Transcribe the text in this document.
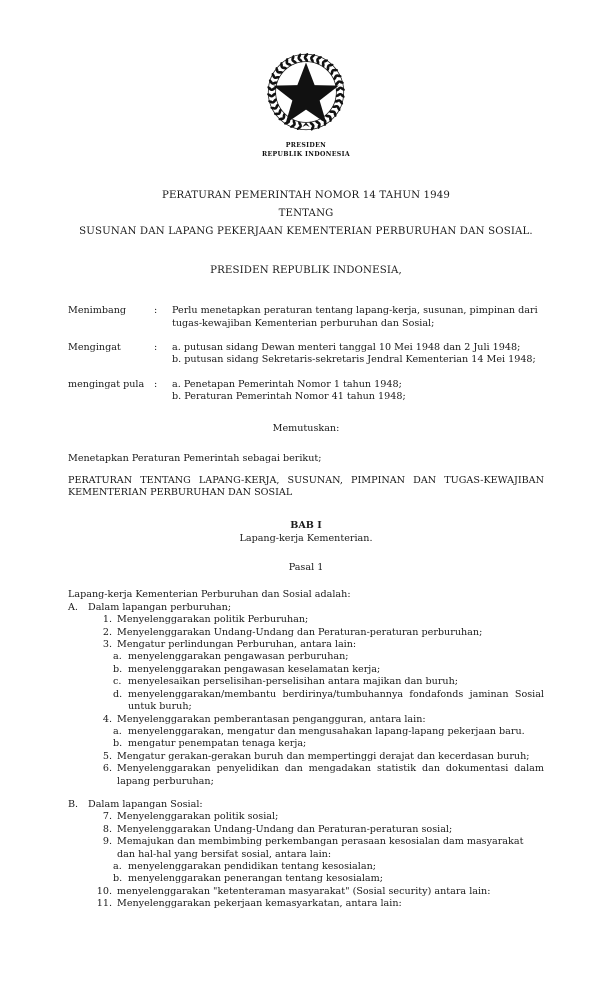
PRESIDEN
REPUBLIK INDONESIA
PERATURAN PEMERINTAH NOMOR 14 TAHUN 1949
TENTANG
SUSUNAN DAN LAPANG PEKERJAAN KEMENTERIAN PERBURUHAN DAN SOSIAL.
PRESIDEN REPUBLIK INDONESIA,
Menimbang	:	Perlu menetapkan peraturan tentang lapang-kerja, susunan, pimpinan dari tugas-kewajiban Kementerian perburuhan dan Sosial;

Mengingat	:	a. putusan sidang Dewan menteri tanggal 10 Mei 1948 dan 2 Juli 1948;

b. putusan sidang Sekretaris-sekretaris Jendral Kementerian 14 Mei 1948;

mengingat pula	:	a. Penetapan Pemerintah Nomor 1 tahun 1948;

b. Peraturan Pemerintah Nomor 41 tahun 1948;

Memutuskan:
Menetapkan Peraturan Pemerintah sebagai berikut;
PERATURAN TENTANG LAPANG-KERJA, SUSUNAN, PIMPINAN DAN TUGAS-KEWAJIBAN KEMENTERIAN PERBURUHAN DAN SOSIAL
BAB I
Lapang-kerja Kementerian.
Pasal 1

Lapang-kerja Kementerian Perburuhan dan Sosial adalah:

A.	Dalam lapangan perburuhan;
1. Menyelenggarakan politik Perburuhan;
2. Menyelenggarakan Undang-Undang dan Peraturan-peraturan perburuhan;
3. Mengatur perlindungan Perburuhan, antara lain:
a. menyelenggarakan pengawasan perburuhan;
b. menyelenggarakan pengawasan keselamatan kerja;
c. menyelesaikan perselisihan-perselisihan antara majikan dan buruh;
d. menyelenggarakan/membantu berdirinya/tumbuhannya fondafonds jaminan Sosial untuk buruh;
4. Menyelenggarakan pemberantasan pengangguran, antara lain:
a. menyelenggarakan, mengatur dan mengusahakan lapang-lapang pekerjaan baru.
b. mengatur penempatan tenaga kerja;
5. Mengatur gerakan-gerakan buruh dan mempertinggi derajat dan kecerdasan buruh;
6. Menyelenggarakan penyelidikan dan mengadakan statistik dan dokumentasi dalam lapang perburuhan;
B.	Dalam lapangan Sosial:
7. Menyelenggarakan politik sosial;
8. Menyelenggarakan Undang-Undang dan Peraturan-peraturan sosial;
9. Memajukan dan membimbing perkembangan perasaan kesosialan dam masyarakat dan hal-hal yang bersifat sosial, antara lain:
a. menyelenggarakan pendidikan tentang kesosialan;
b. menyelenggarakan penerangan tentang kesosialam;
10. menyelenggarakan "ketenteraman masyarakat" (Sosial security) antara lain:
11. Menyelenggarakan pekerjaan kemasyarkatan, antara lain:
